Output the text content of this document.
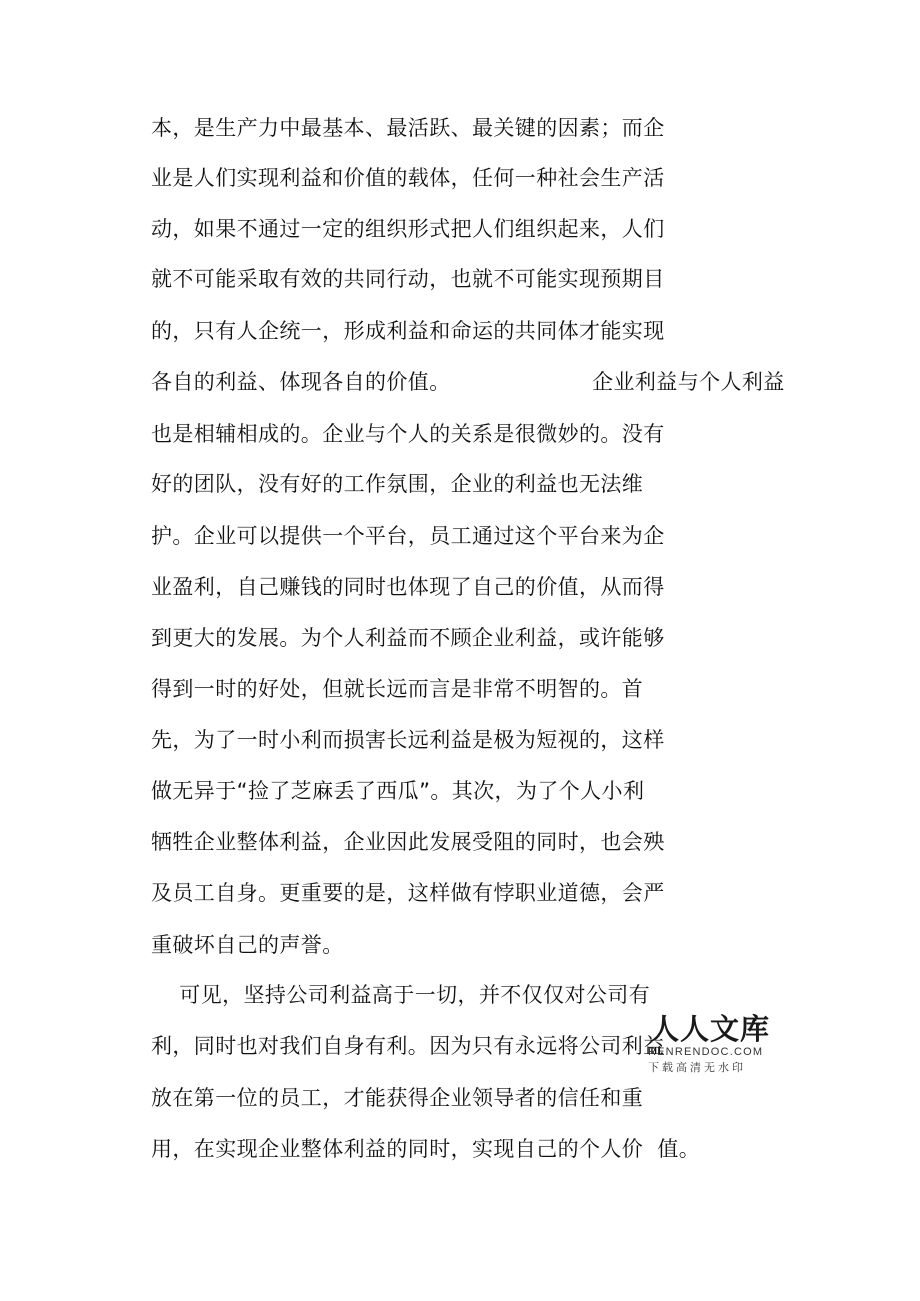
本，是生产力中最基本、最活跃、最关键的因素；而企
业是人们实现利益和价值的载体，任何一种社会生产活
动，如果不通过一定的组织形式把人们组织起来，人们
就不可能采取有效的共同行动，也就不可能实现预期目
的，只有人企统一，形成利益和命运的共同体才能实现
各自的利益、体现各自的价值。                    企业利益与个人利益
也是相辅相成的。企业与个人的关系是很微妙的。没有
好的团队，没有好的工作氛围，企业的利益也无法维
护。企业可以提供一个平台，员工通过这个平台来为企
业盈利，自己赚钱的同时也体现了自己的价值，从而得
到更大的发展。为个人利益而不顾企业利益，或许能够
得到一时的好处，但就长远而言是非常不明智的。首
先，为了一时小利而损害长远利益是极为短视的，这样
做无异于“捡了芝麻丢了西瓜”。其次，为了个人小利
牺牲企业整体利益，企业因此发展受阻的同时，也会殃
及员工自身。更重要的是，这样做有悖职业道德，会严
重破坏自己的声誉。
可见，坚持公司利益高于一切，并不仅仅对公司有
利，同时也对我们自身有利。因为只有永远将公司利益
放在第一位的员工，才能获得企业领导者的信任和重
用，在实现企业整体利益的同时，实现自己的个人价  值。
人人文库
RENRENDOC.COM
下载高清无水印
